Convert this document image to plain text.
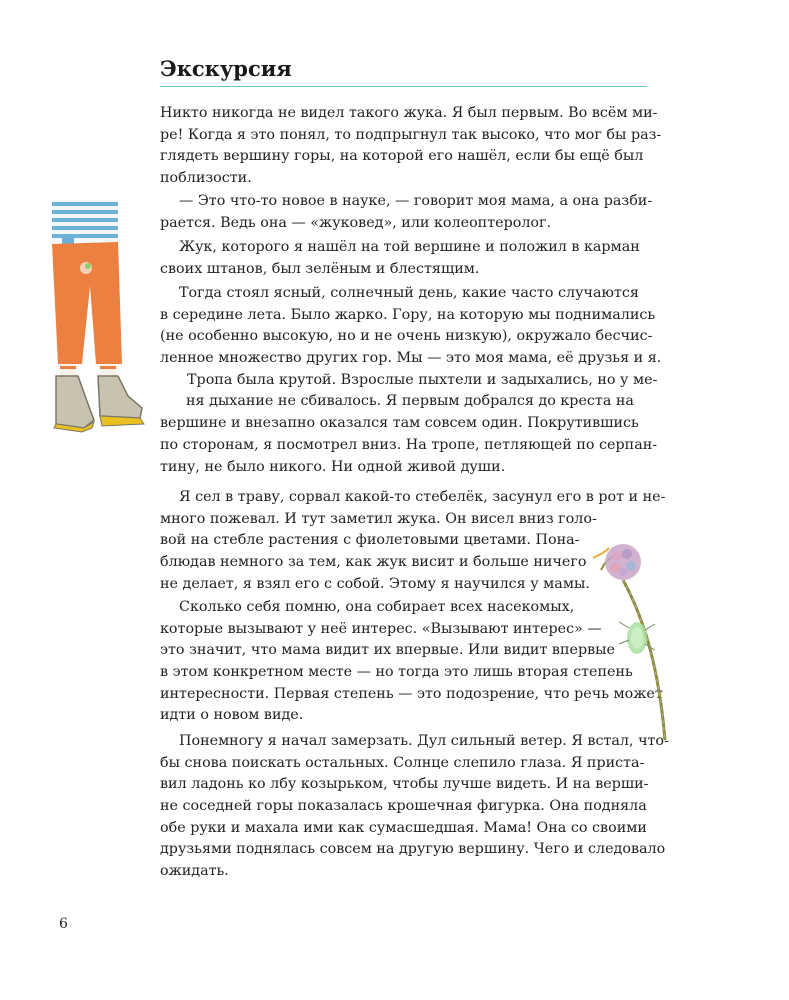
Экскурсия
Никто никогда не видел такого жука. Я был первым. Во всём ми-
ре! Когда я это понял, то подпрыгнул так высоко, что мог бы раз-
глядеть вершину горы, на которой его нашёл, если бы ещё был
поблизости.
— Это что-то новое в науке, — говорит моя мама, а она разби-
рается. Ведь она — «жуковед», или колеоптеролог.
Жук, которого я нашёл на той вершине и положил в карман
своих штанов, был зелёным и блестящим.
Тогда стоял ясный, солнечный день, какие часто случаются
в середине лета. Было жарко. Гору, на которую мы поднимались
(не особенно высокую, но и не очень низкую), окружало бесчис-
ленное множество других гор. Мы — это моя мама, её друзья и я.
Тропа была крутой. Взрослые пыхтели и задыхались, но у ме-
ня дыхание не сбивалось. Я первым добрался до креста на
вершине и внезапно оказался там совсем один. Покрутившись
по сторонам, я посмотрел вниз. На тропе, петляющей по серпан-
тину, не было никого. Ни одной живой души.
Я сел в траву, сорвал какой-то стебелёк, засунул его в рот и не-
много пожевал. И тут заметил жука. Он висел вниз голо-
вой на стебле растения с фиолетовыми цветами. Пона-
блюдав немного за тем, как жук висит и больше ничего
не делает, я взял его с собой. Этому я научился у мамы.
Сколько себя помню, она собирает всех насекомых,
которые вызывают у неё интерес. «Вызывают интерес» —
это значит, что мама видит их впервые. Или видит впервые
в этом конкретном месте — но тогда это лишь вторая степень
интересности. Первая степень — это подозрение, что речь может
идти о новом виде.
Понемногу я начал замерзать. Дул сильный ветер. Я встал, что-
бы снова поискать остальных. Солнце слепило глаза. Я приста-
вил ладонь ко лбу козырьком, чтобы лучше видеть. И на верши-
не соседней горы показалась крошечная фигурка. Она подняла
обе руки и махала ими как сумасшедшая. Мама! Она со своими
друзьями поднялась совсем на другую вершину. Чего и следовало
ожидать.
6
